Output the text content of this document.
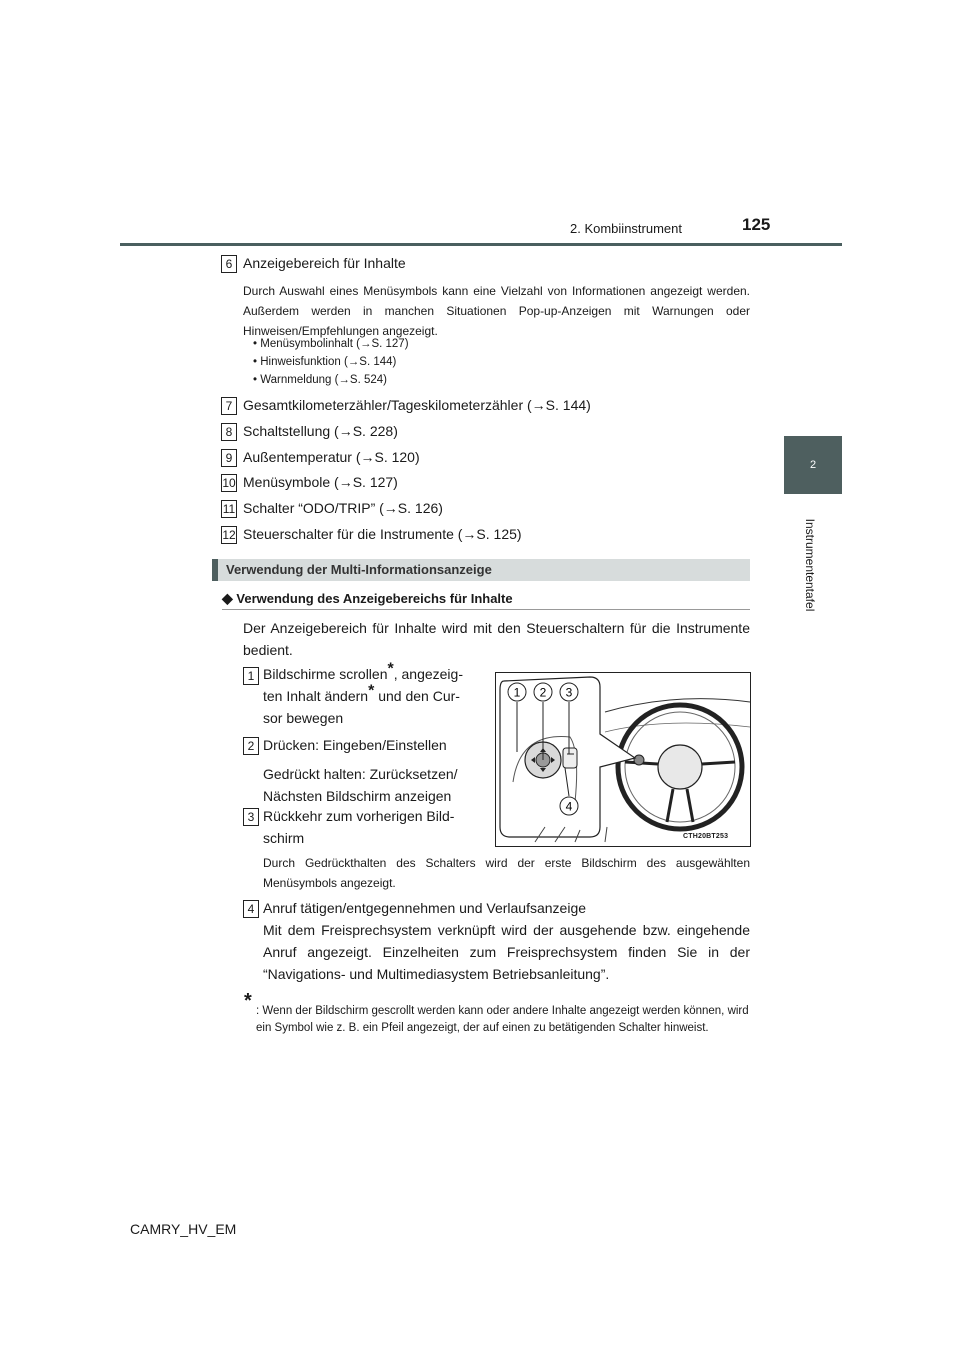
2. Kombiinstrument	125
2
Instrumententafel
6 Anzeigebereich für Inhalte
Durch Auswahl eines Menüsymbols kann eine Vielzahl von Informationen angezeigt werden. Außerdem werden in manchen Situationen Pop-up-Anzeigen mit Warnungen oder Hinweisen/Empfehlungen angezeigt.
• Menüsymbolinhalt (→S. 127)
• Hinweisfunktion (→S. 144)
• Warnmeldung (→S. 524)
7 Gesamtkilometerzähler/Tageskilometerzähler (→S. 144)
8 Schaltstellung (→S. 228)
9 Außentemperatur (→S. 120)
10 Menüsymbole (→S. 127)
11 Schalter “ODO/TRIP” (→S. 126)
12 Steuerschalter für die Instrumente (→S. 125)
Verwendung der Multi-Informationsanzeige
◆ Verwendung des Anzeigebereichs für Inhalte
Der Anzeigebereich für Inhalte wird mit den Steuerschaltern für die Instrumente bedient.
1 Bildschirme scrollen*, angezeig-
ten Inhalt ändern* und den Cur-
sor bewegen
2 Drücken: Eingeben/Einstellen

Gedrückt halten: Zurücksetzen/
Nächsten Bildschirm anzeigen
3 Rückkehr zum vorherigen Bild-
schirm
1 2 3
4
CTH20BT253
Durch Gedrückthalten des Schalters wird der erste Bildschirm des ausgewählten Menüsymbols angezeigt.
4 Anruf tätigen/entgegennehmen und Verlaufsanzeige
Mit dem Freisprechsystem verknüpft wird der ausgehende bzw. eingehende Anruf angezeigt. Einzelheiten zum Freisprechsystem finden Sie in der “Navigations- und Multimediasystem Betriebsanleitung”.
* : Wenn der Bildschirm gescrollt werden kann oder andere Inhalte angezeigt werden können, wird ein Symbol wie z. B. ein Pfeil angezeigt, der auf einen zu betätigenden Schalter hinweist.
CAMRY_HV_EM
